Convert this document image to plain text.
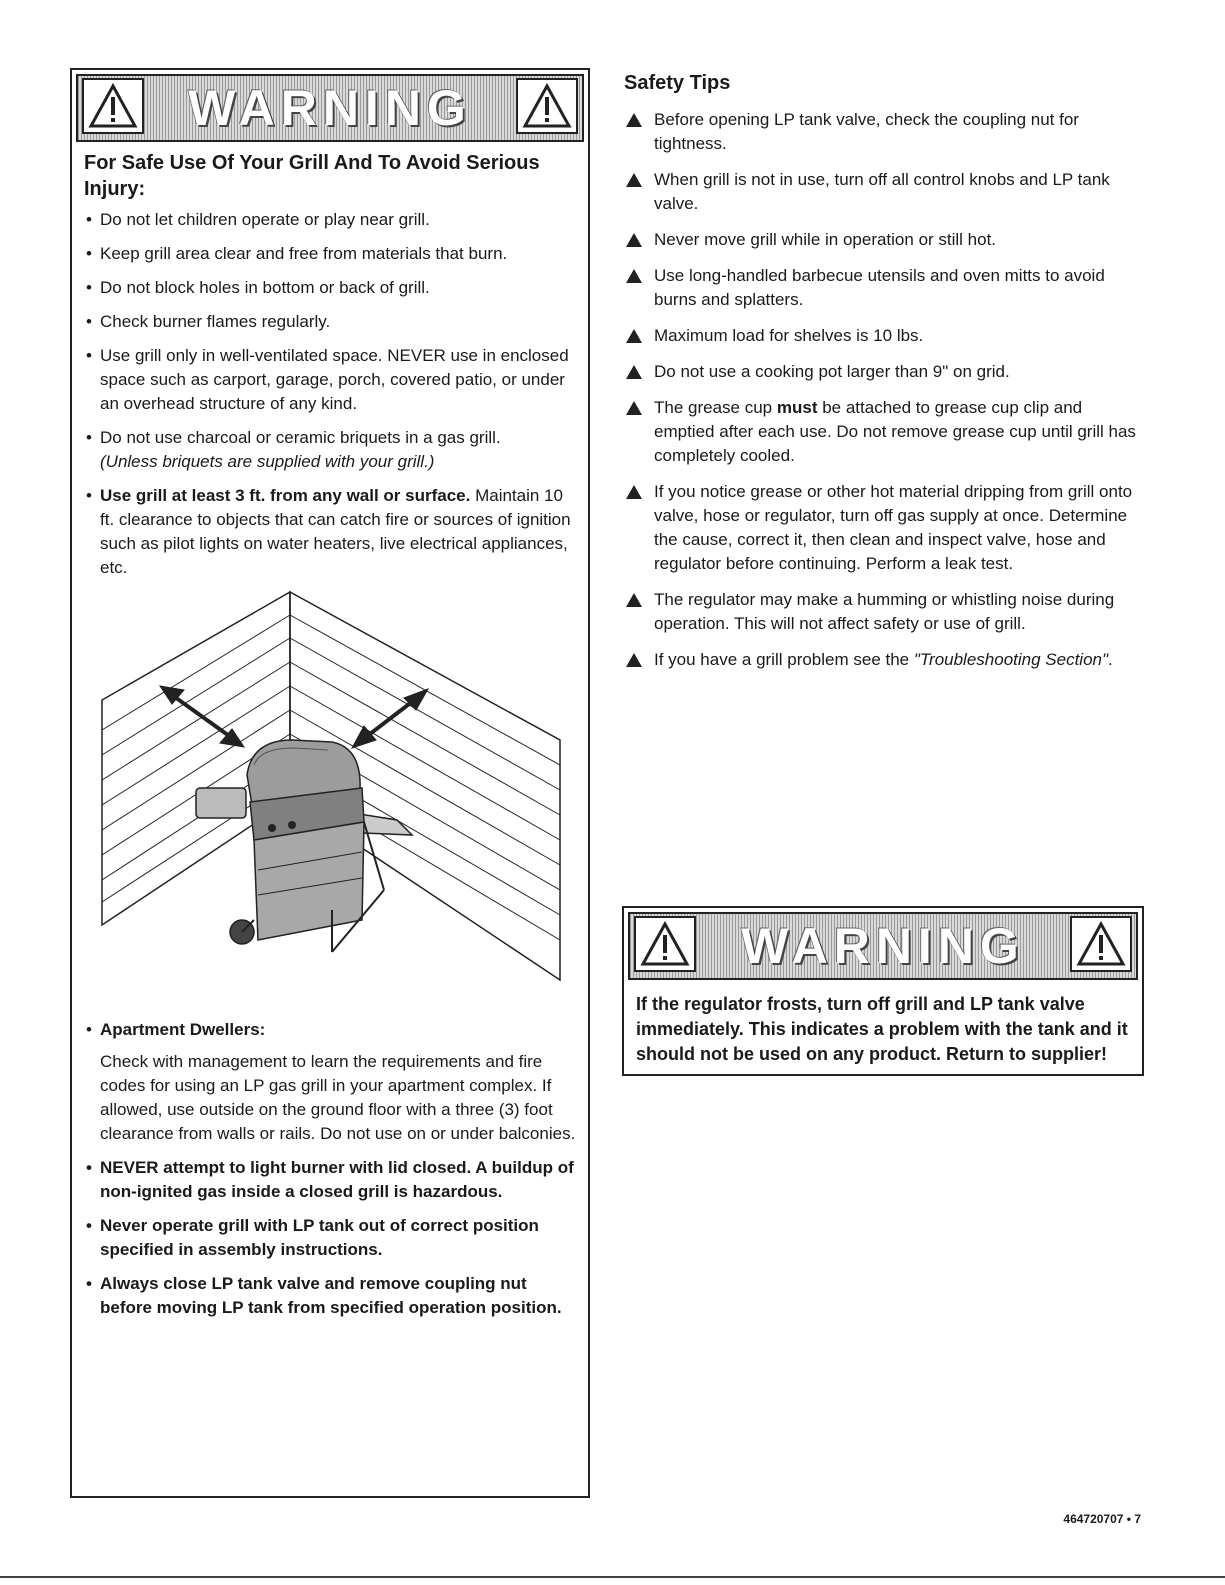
WARNING
For Safe Use Of Your Grill And To Avoid Serious Injury:
• Do not let children operate or play near grill.
• Keep grill area clear and free from materials that burn.
• Do not block holes in bottom or back of grill.
• Check burner flames regularly.
• Use grill only in well-ventilated space. NEVER use in enclosed space such as carport, garage, porch, covered patio, or under an overhead structure of any kind.
• Do not use charcoal or ceramic briquets in a gas grill.
(Unless briquets are supplied with your grill.)
• Use grill at least 3 ft. from any wall or surface. Maintain 10 ft. clearance to objects that can catch fire or sources of ignition such as pilot lights on water heaters, live electrical appliances, etc.
• Apartment Dwellers:
Check with management to learn the requirements and fire codes for using an LP gas grill in your apartment complex. If allowed, use outside on the ground floor with a three (3) foot clearance from walls or rails. Do not use on or under balconies.
• NEVER attempt to light burner with lid closed. A buildup of non-ignited gas inside a closed grill is hazardous.
• Never operate grill with LP tank out of correct position specified in assembly instructions.
• Always close LP tank valve and remove coupling nut before moving LP tank from specified operation position.
Safety Tips
Before opening LP tank valve, check the coupling nut for tightness.
When grill is not in use, turn off all control knobs and LP tank valve.
Never move grill while in operation or still hot.
Use long-handled barbecue utensils and oven mitts to avoid burns and splatters.
Maximum load for shelves is 10 lbs.
Do not use a cooking pot larger than 9" on grid.
The grease cup must be attached to grease cup clip and emptied after each use. Do not remove grease cup until grill has completely cooled.
If you notice grease or other hot material dripping from grill onto valve, hose or regulator, turn off gas supply at once. Determine the cause, correct it, then clean and inspect valve, hose and regulator before continuing. Perform a leak test.
The regulator may make a humming or whistling noise during operation. This will not affect safety or use of grill.
If you have a grill problem see the "Troubleshooting Section".
WARNING
If the regulator frosts, turn off grill and LP tank valve immediately. This indicates a problem with the tank and it should not be used on any product. Return to supplier!
464720707 • 7
